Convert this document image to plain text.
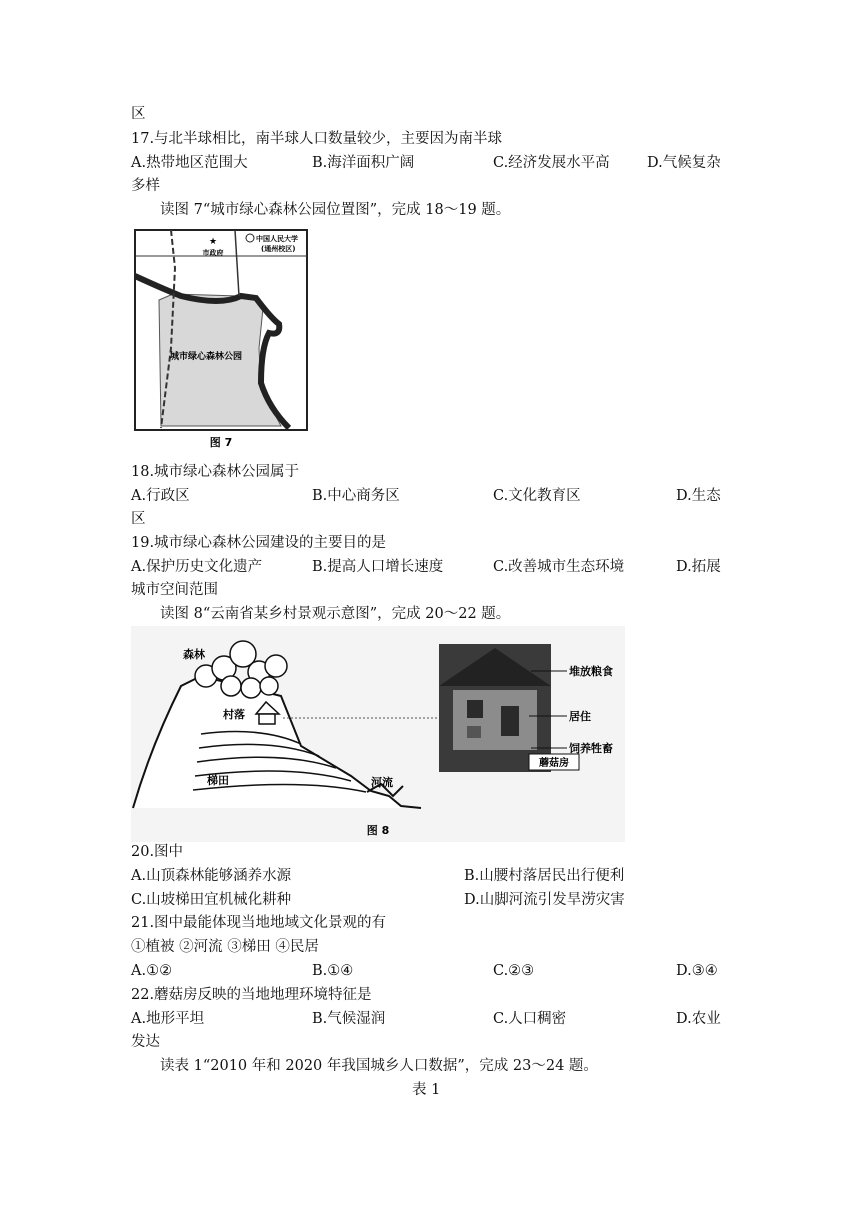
区
17.与北半球相比，南半球人口数量较少，主要因为南半球
A.热带地区范围大	B.海洋面积广阔	C.经济发展水平高	D.气候复杂
多样
读图 7“城市绿心森林公园位置图”，完成 18～19 题。
★
市政府
中国人民大学
(通州校区)
城市绿心森林公园
图 7
18.城市绿心森林公园属于
A.行政区	B.中心商务区	C.文化教育区	D.生态
区
19.城市绿心森林公园建设的主要目的是
A.保护历史文化遗产	B.提高人口增长速度	C.改善城市生态环境	D.拓展
城市空间范围
读图 8“云南省某乡村景观示意图”，完成 20～22 题。
森林
村落
梯田	河流
蘑菇房
堆放粮食
居住
饲养牲畜
图 8
20.图中
A.山顶森林能够涵养水源	B.山腰村落居民出行便利
C.山坡梯田宜机械化耕种	D.山脚河流引发旱涝灾害
21.图中最能体现当地地域文化景观的有
①植被 ②河流 ③梯田 ④民居
A.①②	B.①④	C.②③	D.③④
22.蘑菇房反映的当地地理环境特征是
A.地形平坦	B.气候湿润	C.人口稠密	D.农业
发达
读表 1“2010 年和 2020 年我国城乡人口数据”，完成 23～24 题。
表 1
